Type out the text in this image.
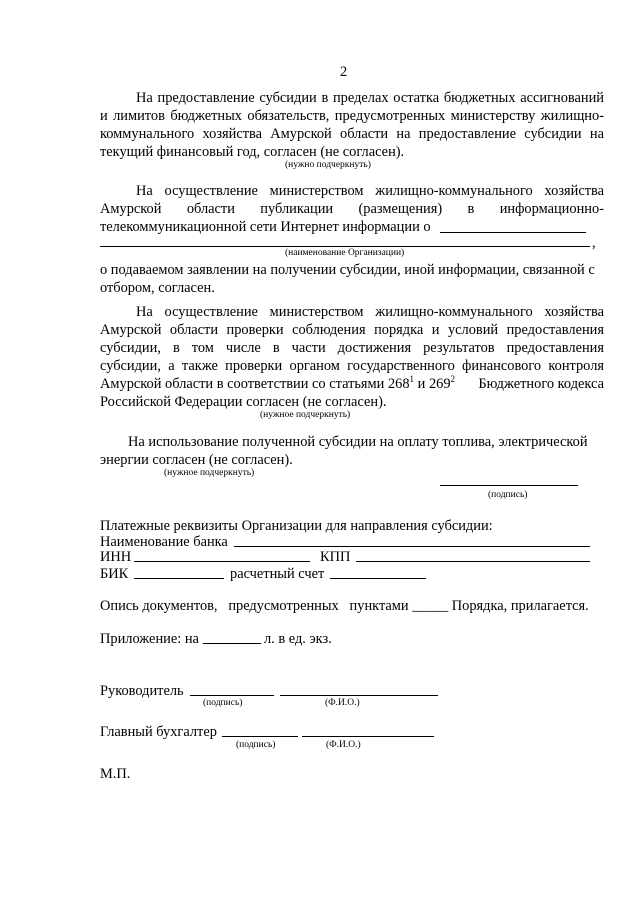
2
На предоставление субсидии в пределах остатка бюджетных ассигнований
и лимитов бюджетных обязательств, предусмотренных министерству жилищно-
коммунального хозяйства Амурской области на предоставление субсидии на
текущий финансовый год, согласен (не согласен).
(нужно подчеркнуть)
На осуществление министерством жилищно-коммунального хозяйства
Амурской области публикации (размещения) в информационно-
телекоммуникационной сети Интернет информации о
,
(наименование Организации)
о подаваемом заявлении на получении субсидии, иной информации, связанной с
отбором, согласен.
На осуществление министерством жилищно-коммунального хозяйства
Амурской области проверки соблюдения порядка и условий предоставления
субсидии, в том числе в части достижения результатов предоставления
субсидии, а также проверки органом государственного финансового контроля
Амурской области в соответствии со статьями $268^1$ и $269^2$ Бюджетного кодекса
Российской Федерации согласен (не согласен).
(нужное подчеркнуть)
На использование полученной субсидии на оплату топлива, электрической
энергии согласен (не согласен).
(нужное подчеркнуть)
(подпись)
Платежные реквизиты Организации для направления субсидии:
Наименование банка
ИНН	КПП
БИК	расчетный счет
Опись документов,   предусмотренных   пунктами _____ Порядка, прилагается.
Приложение: на	л. в ед. экз.
Руководитель
(подпись)	(Ф.И.О.)
Главный бухгалтер
(подпись)	(Ф.И.О.)
М.П.
